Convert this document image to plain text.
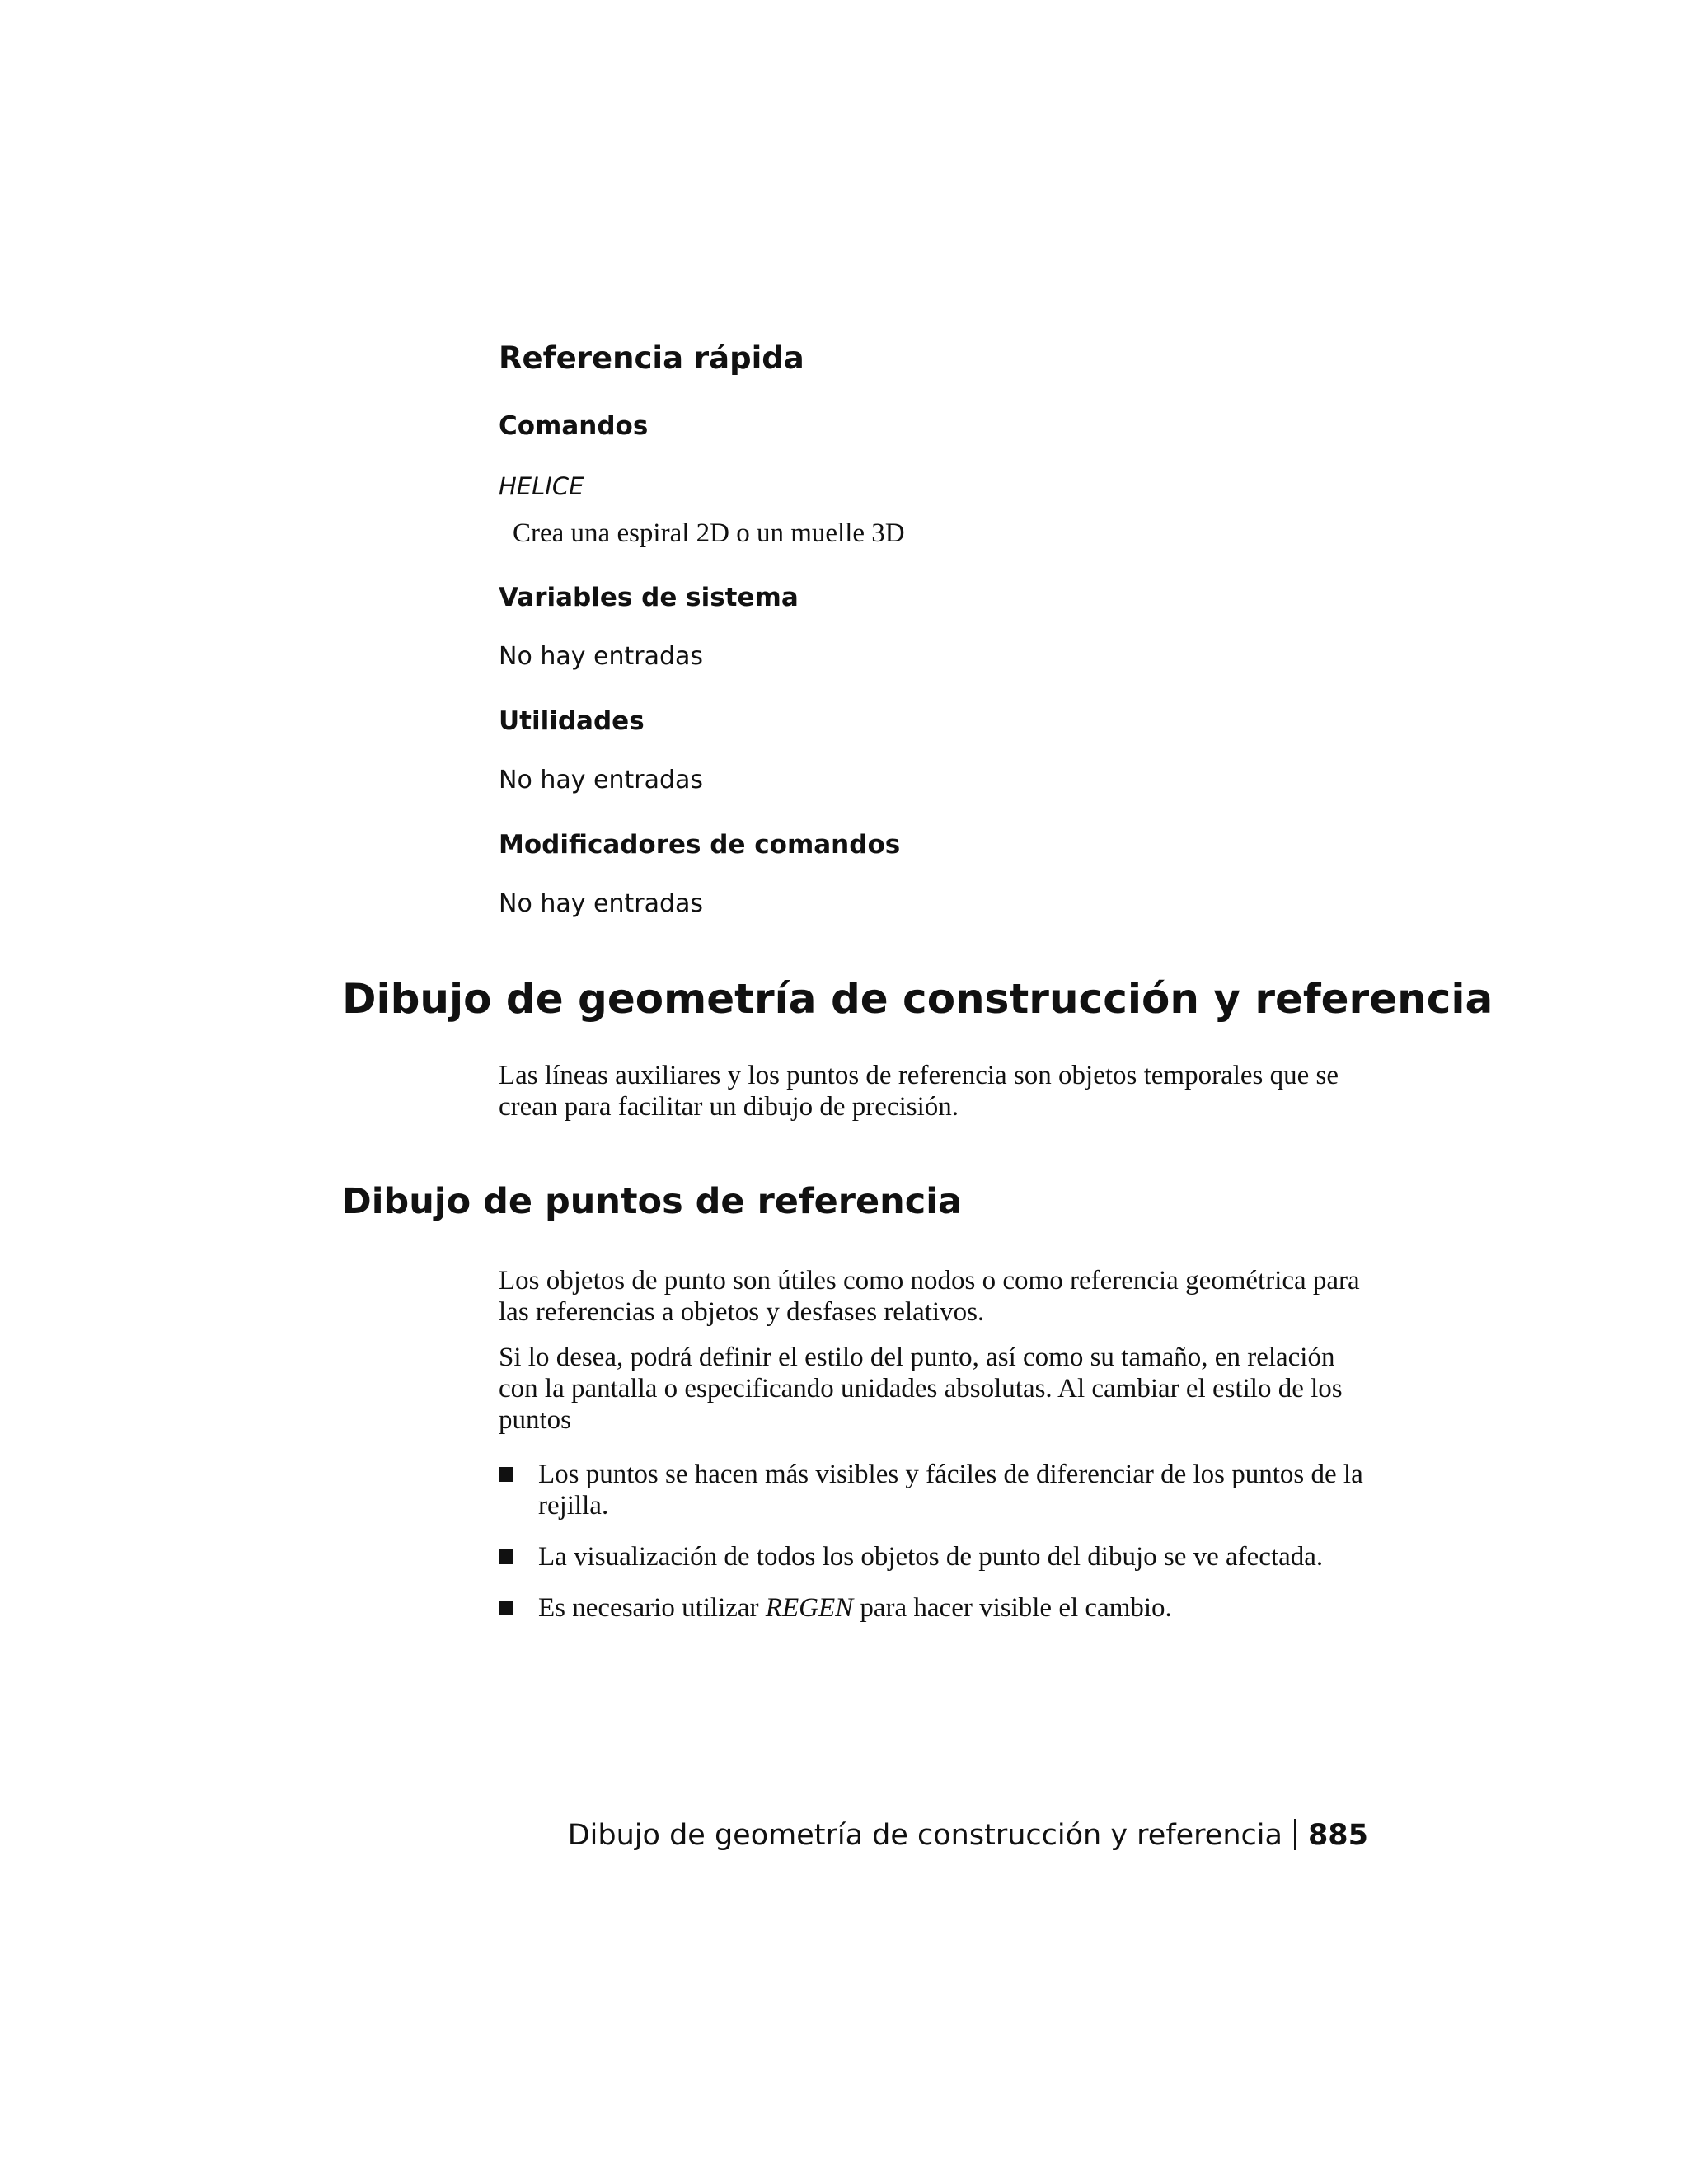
Referencia rápida
Comandos
HELICE
Crea una espiral 2D o un muelle 3D
Variables de sistema
No hay entradas
Utilidades
No hay entradas
Modificadores de comandos
No hay entradas
Dibujo de geometría de construcción y referencia

Las líneas auxiliares y los puntos de referencia son objetos temporales que se crean para facilitar un dibujo de precisión.

Dibujo de puntos de referencia

Los objetos de punto son útiles como nodos o como referencia geométrica para las referencias a objetos y desfases relativos.

Si lo desea, podrá definir el estilo del punto, así como su tamaño, en relación con la pantalla o especificando unidades absolutas. Al cambiar el estilo de los puntos

Los puntos se hacen más visibles y fáciles de diferenciar de los puntos de la rejilla.
La visualización de todos los objetos de punto del dibujo se ve afectada.
Es necesario utilizar REGEN para hacer visible el cambio.
Dibujo de geometría de construcción y referencia 885
